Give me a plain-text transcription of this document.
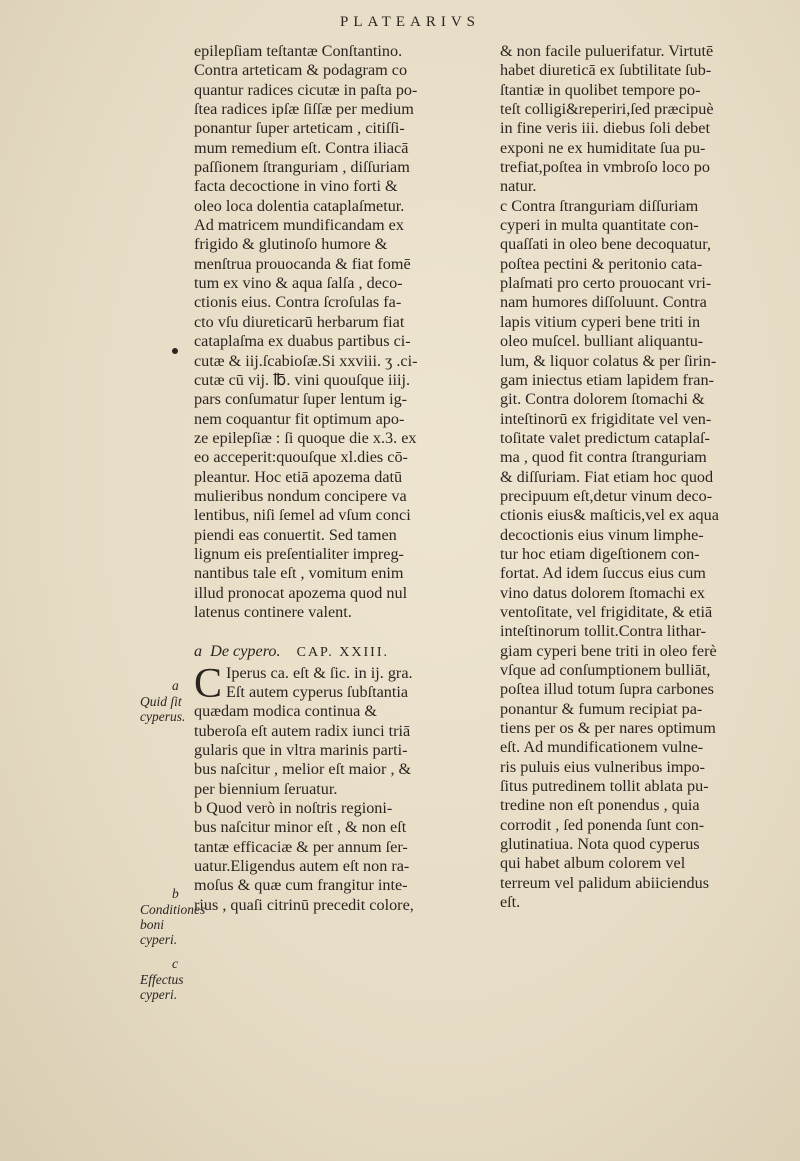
PLATEARIVS
epilepſiam teſtantæ Conſtantino.
Contra arteticam & podagram co
quantur radices cicutæ in paſta po-
ſtea radices ipſæ ſiſſæ per medium
ponantur ſuper arteticam , citiſſi-
mum remedium eſt. Contra iliacā
paſſionem ſtranguriam , diſſuriam
facta decoctione in vino forti &
oleo loca dolentia cataplaſmetur.
Ad matricem mundificandam ex
frigido & glutinoſo humore &
menſtrua prouocanda & fiat fomē
tum ex vino & aqua ſalſa , deco-
ctionis eius. Contra ſcroſulas fa-
cto vſu diureticarū herbarum fiat
cataplaſma ex duabus partibus ci-
cutæ & iij.ſcabioſæ.Si xxviii. ʒ .ci-
cutæ cū vij. ℔. vini quouſque iiij.
pars conſumatur ſuper lentum ig-
nem coquantur fit optimum apo-
ze epilepſiæ : ſi quoque die x.3. ex
eo acceperit:quouſque xl.dies cō-
pleantur. Hoc etiā apozema datū
mulieribus nondum concipere va
lentibus, niſi ſemel ad vſum conci
piendi eas conuertit. Sed tamen
lignum eis preſentialiter impreg-
nantibus tale eſt , vomitum enim
illud pronocat apozema quod nul
latenus continere valent.
a De cypero. CAP. XXIII.
C Iperus ca. eſt & ſic. in ij. gra.
Eſt autem cyperus ſubſtantia
quædam modica continua &
tuberoſa eſt autem radix iunci triā
gularis que in vltra marinis parti-
bus naſcitur , melior eſt maior , &
per biennium ſeruatur.
b Quod verò in noſtris regioni-
bus naſcitur minor eſt , & non eſt
tantæ efficaciæ & per annum ſer-
uatur.Eligendus autem eſt non ra-
moſus & quæ cum frangitur inte-
rius , quaſi citrinū precedit colore,
& non facile puluerifatur. Virtutē
habet diureticā ex ſubtilitate ſub-
ſtantiæ in quolibet tempore po-
teſt colligi&reperiri,ſed præcipuè
in fine veris iii. diebus ſoli debet
exponi ne ex humiditate ſua pu-
trefiat,poſtea in vmbroſo loco po
natur.
c Contra ſtranguriam diſſuriam
cyperi in multa quantitate con-
quaſſati in oleo bene decoquatur,
poſtea pectini & peritonio cata-
plaſmati pro certo prouocant vri-
nam humores diſſoluunt. Contra
lapis vitium cyperi bene triti in
oleo muſcel. bulliant aliquantu-
lum, & liquor colatus & per ſirin-
gam iniectus etiam lapidem fran-
git. Contra dolorem ſtomachi &
inteſtinorū ex frigiditate vel ven-
toſitate valet predictum cataplaſ-
ma , quod fit contra ſtranguriam
& diſſuriam. Fiat etiam hoc quod
precipuum eſt,detur vinum deco-
ctionis eius& maſticis,vel ex aqua
decoctionis eius vinum limphe-
tur hoc etiam digeſtionem con-
fortat. Ad idem ſuccus eius cum
vino datus dolorem ſtomachi ex
ventoſitate, vel frigiditate, & etiā
inteſtinorum tollit.Contra lithar-
giam cyperi bene triti in oleo ferè
vſque ad conſumptionem bulliāt,
poſtea illud totum ſupra carbones
ponantur & fumum recipiat pa-
tiens per os & per nares optimum
eſt. Ad mundificationem vulne-
ris puluis eius vulneribus impo-
ſitus putredinem tollit ablata pu-
tredine non eſt ponendus , quia
corrodit , ſed ponenda ſunt con-
glutinatiua. Nota quod cyperus
qui habet album colorem vel
terreum vel palidum abiiciendus
eſt.
a
Quid ſit cyperus.
b
Conditiones boni cyperi.
c
Effectus cyperi.
